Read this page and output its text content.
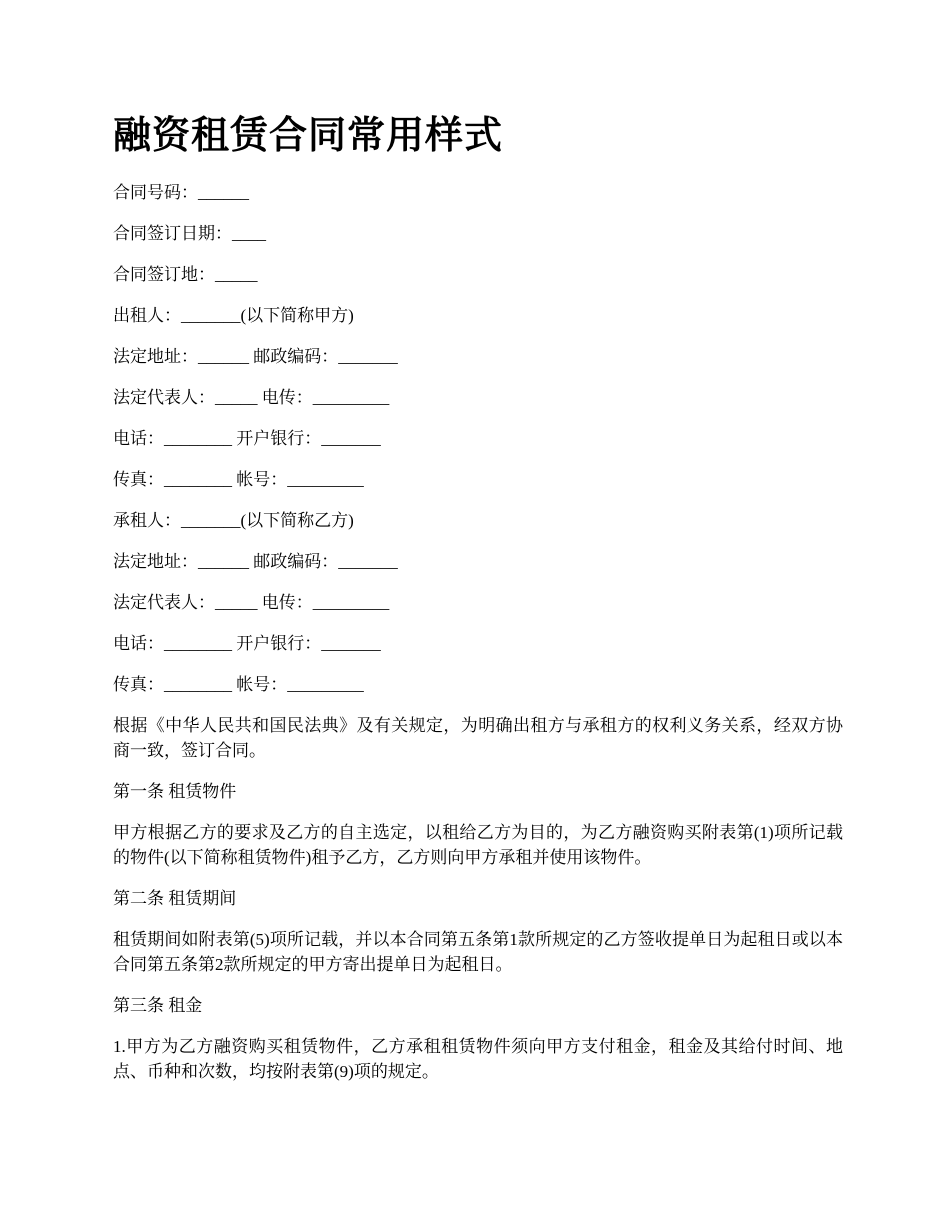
融资租赁合同常用样式

合同号码：______

合同签订日期：____

合同签订地：_____

出租人：_______(以下简称甲方)

法定地址：______ 邮政编码：_______

法定代表人：_____ 电传：_________

电话：________ 开户银行：_______

传真：________ 帐号：_________

承租人：_______(以下简称乙方)

法定地址：______ 邮政编码：_______

法定代表人：_____ 电传：_________

电话：________ 开户银行：_______

传真：________ 帐号：_________

根据《中华人民共和国民法典》及有关规定，为明确出租方与承租方的权利义务关系，经双方协商一致，签订合同。

第一条 租赁物件

甲方根据乙方的要求及乙方的自主选定，以租给乙方为目的，为乙方融资购买附表第(1)项所记载的物件(以下简称租赁物件)租予乙方，乙方则向甲方承租并使用该物件。

第二条 租赁期间

租赁期间如附表第(5)项所记载，并以本合同第五条第1款所规定的乙方签收提单日为起租日或以本合同第五条第2款所规定的甲方寄出提单日为起租日。

第三条 租金

1.甲方为乙方融资购买租赁物件，乙方承租租赁物件须向甲方支付租金，租金及其给付时间、地点、币种和次数，均按附表第(9)项的规定。
